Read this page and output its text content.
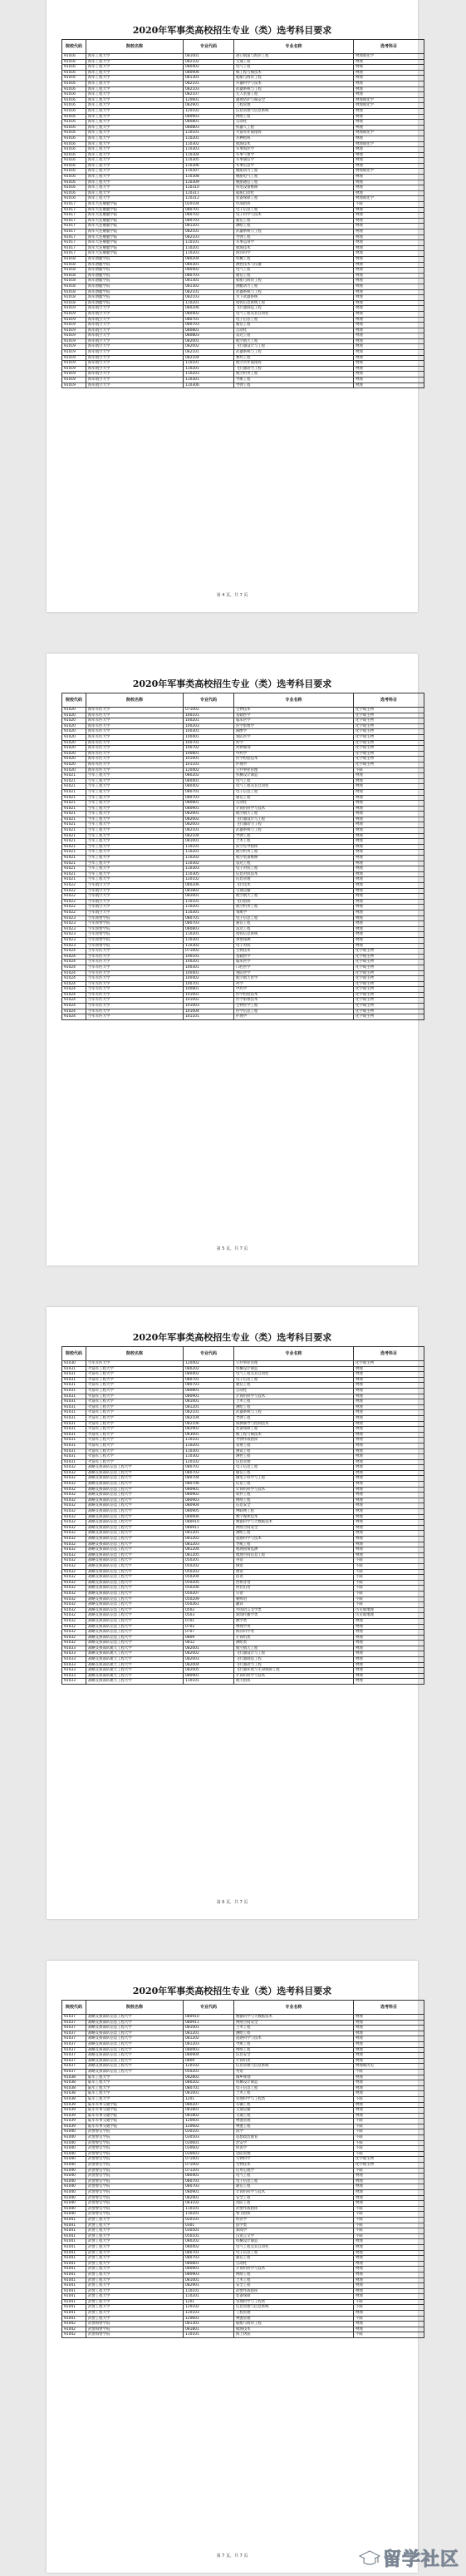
2020年军事类高校招生专业（类）选考科目要求
院校代码	院校名称	专业代码	专业名称	选考科目
91016	海军工程大学	081001	港口航道与海岸工程	物理或化学
91016	海军工程大学	082102	交通工程	物理
91016	海军工程大学	080402	电气工程	物理
91016	海军工程大学	080906	核工程与核技术	物理
91016	海军工程大学	081301	船舶与海洋工程	物理
91016	海军工程大学	082101	兵器科学与技术	物理
91016	海军工程大学	082103	武器系统与工程	物理
91016	海军工程大学	082107	无人装备工程	物理
91016	海军工程大学	120601	辐射防护与核安全	物理或化学
91016	海军工程大学	082901	工程管理	物理或化学
91016	海军工程大学	120102	信息管理与信息系统	物理
91016	海军工程大学	080903	网络工程	物理
91016	海军工程大学	080801	自动化	物理
91016	海军工程大学	080803	机器人工程	物理
91016	海军工程大学	110101	火箭军作战指挥	物理或化学
91016	海军工程大学	110201	兵种指挥	物理
91016	海军工程大学	110302	航海技术	物理或化学
91016	海军工程大学	110303	军事海洋学	物理
91016	海军工程大学	110304	军事气象学	物理
91016	海军工程大学	110305	军事通信学	物理
91016	海军工程大学	110306	军事信息学	物理
91016	海军工程大学	110307	舰船动力工程	物理或化学
91016	海军工程大学	110308	舰船电气工程	物理
91016	海军工程大学	110309	舰船通信工程	物理
91016	海军工程大学	110310	机电设备维修	物理
91016	海军工程大学	110311	船舶自动化	物理
91016	海军工程大学	110312	装备保障工程	物理或化学
91017	海军大连舰艇学院	020104	作战指挥	不限
91017	海军大连舰艇学院	080701	电子信息工程	物理
91017	海军大连舰艇学院	080702	电子科学与技术	物理
91017	海军大连舰艇学院	080703	通信工程	物理
91017	海军大连舰艇学院	081201	测绘工程	物理
91017	海军大连舰艇学院	082101	武器系统与工程	物理
91017	海军大连舰艇学院	082103	导弹工程	物理
91017	海军大连舰艇学院	110101	军事运筹学	物理
91017	海军大连舰艇学院	110201	航海技术	物理
91017	海军大连舰艇学院	110203	海洋科学	物理
91018	海军潜艇学院	080204	机械工程	物理
91018	海军潜艇学院	080301	测控技术与仪器	物理
91018	海军潜艇学院	080402	电气工程	物理
91018	海军潜艇学院	080703	通信工程	物理
91018	海军潜艇学院	081301	船舶与海洋工程	物理
91018	海军潜艇学院	081302	潜艇动力工程	物理
91018	海军潜艇学院	082101	武器系统与工程	物理
91018	海军潜艇学院	082103	水下武器系统	物理
91018	海军潜艇学院	110201	指挥信息系统工程	物理
91019	海军航空大学	080206	飞行器制造工程	物理
91019	海军航空大学	080402	电气工程及其自动化	物理
91019	海军航空大学	080701	电子信息工程	物理
91019	海军航空大学	080703	通信工程	物理
91019	海军航空大学	080801	自动化	物理
91019	海军航空大学	080803	雷达工程	物理
91019	海军航空大学	082001	航空航天工程	物理
91019	海军航空大学	082002	飞行器设计与工程	物理
91019	海军航空大学	082101	武器系统与工程	物理
91019	海军航空大学	082104	弹药工程	物理
91019	海军航空大学	110101	航空兵作战指挥	物理
91019	海军航空大学	110201	飞行器动力工程	物理
91019	海军航空大学	110203	航空机务工程	物理
91019	海军航空大学	110301	导航工程	物理
91019	海军航空大学	110306	导弹工程	物理
第 4 页，共 7 页
2020年军事类高校招生专业（类）选考科目要求
院校代码	院校名称	专业代码	专业名称	选考科目
91020	海军军医大学	071002	生物技术	化学或生物
91020	海军军医大学	100101	基础医学	化学或生物
91020	海军军医大学	100201	临床医学	化学或生物
91020	海军军医大学	100203	医学影像学	化学或生物
91020	海军军医大学	100301	麻醉学	化学或生物
91020	海军军医大学	100401	预防医学	化学或生物
91020	海军军医大学	100701	药学	化学或生物
91020	海军军医大学	100702	药物制剂	化学或生物
91020	海军军医大学	100801	中药学	化学或生物
91020	海军军医大学	101001	医学检验技术	化学或生物
91020	海军军医大学	101101	护理学	化学或生物
91020	海军军医大学	120402	公共事业管理	不限
91021	空军工程大学	080202	机械设计制造	物理
91021	空军工程大学	080401	电气工程	物理
91021	空军工程大学	080402	电气工程及其自动化	物理
91021	空军工程大学	080701	电子信息工程	物理
91021	空军工程大学	080703	通信工程	物理
91021	空军工程大学	080801	自动化	物理
91021	空军工程大学	080901	计算机科学与技术	物理
91021	空军工程大学	082001	航空航天工程	物理
91021	空军工程大学	082002	飞行器设计与工程	物理
91021	空军工程大学	082003	飞行器动力工程	物理
91021	空军工程大学	082101	武器系统与工程	物理
91021	空军工程大学	082104	导弹工程	物理
91021	空军工程大学	081001	土木工程	物理
91021	空军工程大学	110101	防空反导指挥	物理
91021	空军工程大学	110201	航空机务工程	物理
91021	空军工程大学	110202	航空装备维修	物理
91021	空军工程大学	110302	雷达工程	物理
91021	空军工程大学	110303	电子对抗工程	物理
91021	空军工程大学	110305	信息对抗技术	物理
91021	空军工程大学	120102	信息管理	物理
91022	空军航空大学	080206	飞行技术	物理
91022	空军航空大学	081802	交通运输	物理
91022	空军航空大学	082001	航空航天工程	物理
91022	空军航空大学	110101	飞行指挥	物理
91022	空军航空大学	110201	航空机务工程	物理
91022	空军航空大学	110301	领航学	物理
91023	空军预警学院	080701	电子信息工程	物理
91023	空军预警学院	080703	通信工程	物理
91023	空军预警学院	080803	雷达工程	物理
91023	空军预警学院	110201	指挥信息系统	物理
91023	空军预警学院	110301	预警探测	物理
91023	空军预警学院	110302	电子对抗	物理
91024	空军军医大学	071002	生物技术	化学或生物
91024	空军军医大学	100101	基础医学	化学或生物
91024	空军军医大学	100201	临床医学	化学或生物
91024	空军军医大学	100301	口腔医学	化学或生物
91024	空军军医大学	100401	预防医学	化学或生物
91024	空军军医大学	100402	航空航天医学	化学或生物
91024	空军军医大学	100701	药学	化学或生物
91024	空军军医大学	100801	中药学	化学或生物
91024	空军军医大学	101001	医学检验技术	化学或生物
91024	空军军医大学	101002	医学影像技术	化学或生物
91024	空军军医大学	101003	生物医学工程	化学或生物
91024	空军军医大学	101004	医学信息工程	化学或生物
91024	空军军医大学	101101	护理学	化学或生物
第 5 页，共 7 页
2020年军事类高校招生专业（类）选考科目要求
院校代码	院校名称	专业代码	专业名称	选考科目
91030	空军军医大学	120402	公共事业管理	化学或生物
91031	火箭军工程大学	080202	机械设计制造	物理
91031	火箭军工程大学	080402	电气工程及其自动化	物理
91031	火箭军工程大学	080701	电子信息工程	物理
91031	火箭军工程大学	080703	通信工程	物理
91031	火箭军工程大学	080801	自动化	物理
91031	火箭军工程大学	080901	计算机科学与技术	物理
91031	火箭军工程大学	081001	土木工程	物理
91031	火箭军工程大学	081201	测绘工程	物理
91031	火箭军工程大学	082101	武器系统与工程	物理
91031	火箭军工程大学	082104	导弹工程	物理
91031	火箭军工程大学	082106	探测制导与控制技术	物理
91031	火箭军工程大学	082902	装备保障工程	物理
91031	火箭军工程大学	083001	核工程与核技术	物理
91031	火箭军工程大学	110101	导弹作战指挥	物理
91031	火箭军工程大学	110201	发射工程	物理
91031	火箭军工程大学	110301	测试工程	物理
91031	火箭军工程大学	110302	测控工程	物理
91031	火箭军工程大学	120102	信息管理	物理
91032	战略支援部队信息工程大学	080701	电子信息工程	物理
91032	战略支援部队信息工程大学	080703	通信工程	物理
91032	战略支援部队信息工程大学	080704	微电子科学与工程	物理
91032	战略支援部队信息工程大学	080706	信息工程	物理
91032	战略支援部队信息工程大学	080901	计算机科学与技术	物理
91032	战略支援部队信息工程大学	080902	软件工程	物理
91032	战略支援部队信息工程大学	080903	网络工程	物理
91032	战略支援部队信息工程大学	080904	信息安全	物理
91032	战略支援部队信息工程大学	080905	物联网工程	物理
91032	战略支援部队信息工程大学	080906	数字媒体技术	物理
91032	战略支援部队信息工程大学	080910	数据科学与大数据技术	物理
91032	战略支援部队信息工程大学	080911	网络空间安全	物理
91032	战略支援部队信息工程大学	081201	测绘工程	物理
91032	战略支援部队信息工程大学	081202	遥感科学与技术	物理
91032	战略支援部队信息工程大学	081203	导航工程	物理
91032	战略支援部队信息工程大学	081204	地理国情监测	物理
91032	战略支援部队信息工程大学	081205	地理空间信息工程	物理
91032	战略支援部队信息工程大学	050201	英语	不限
91032	战略支援部队信息工程大学	050202	俄语	不限
91032	战略支援部队信息工程大学	050203	德语	不限
91032	战略支援部队信息工程大学	050204	法语	不限
91032	战略支援部队信息工程大学	050205	西班牙语	不限
91032	战略支援部队信息工程大学	050206	阿拉伯语	不限
91032	战略支援部队信息工程大学	050207	日语	不限
91032	战略支援部队信息工程大学	050209	朝鲜语	不限
91032	战略支援部队信息工程大学	050261	翻译	不限
91032	战略支援部队信息工程大学	0502	外国语言文学类	历史或地理
91032	战略支援部队信息工程大学	0503	新闻传播学类	历史或地理
91032	战略支援部队信息工程大学	0701	数学类	物理
91032	战略支援部队信息工程大学	0702	物理学类	物理
91032	战略支援部队信息工程大学	0707	海洋科学类	物理
91032	战略支援部队信息工程大学	0809	计算机类	物理
91032	战略支援部队信息工程大学	0812	测绘类	物理
91033	战略支援部队航天工程大学	082001	航空航天工程	物理
91033	战略支援部队航天工程大学	082002	飞行器设计与工程	物理
91033	战略支援部队航天工程大学	082003	飞行器制造工程	物理
91033	战略支援部队航天工程大学	082004	飞行器动力工程	物理
91033	战略支援部队航天工程大学	082005	飞行器环境与生命保障工程	物理
91033	战略支援部队航天工程大学	080901	计算机科学与技术	物理
91033	战略支援部队航天工程大学	110101	航天指挥	物理
第 6 页，共 7 页
2020年军事类高校招生专业（类）选考科目要求
院校代码	院校名称	专业代码	专业名称	选考科目
91037	战略支援部队信息工程大学	080910	数据科学与大数据技术	物理
91037	战略支援部队信息工程大学	080911	网络空间安全	物理
91037	战略支援部队信息工程大学	081001	土木工程	物理
91037	战略支援部队信息工程大学	081201	测绘工程	物理
91037	战略支援部队信息工程大学	081202	遥感科学与技术	物理
91037	战略支援部队信息工程大学	081203	导航工程	物理
91037	战略支援部队信息工程大学	080903	网络工程	物理
91037	战略支援部队信息工程大学	080904	信息安全	物理
91037	战略支援部队信息工程大学	0809	计算机类	物理
91037	战略支援部队信息工程大学	120102	信息管理与信息系统	物理或历史
91037	战略支援部队信息工程大学	050201	英语	不限
91038	陆军工程大学	082802	城乡规划	物理
91038	陆军工程大学	080202	机械设计制造	物理
91038	陆军工程大学	080701	电子信息工程	物理
91038	陆军工程大学	081001	土木工程	物理
91038	陆军工程大学	1201	管理科学与工程类	不限
91039	陆军军事交通学院	080207	车辆工程	物理
91039	陆军军事交通学院	081801	交通运输	物理
91039	陆军军事交通学院	081802	交通工程	物理
91039	陆军军事交通学院	120601	物流管理	不限
91039	陆军军事交通学院	120602	物流工程	不限
91040	武警警官学院	030101	法学	不限
91040	武警警官学院	030503	思想政治教育	不限
91040	武警警官学院	030601	治安学	不限
91040	武警警官学院	030602	侦查学	不限
91040	武警警官学院	030603	边防管理	不限
91040	武警警官学院	071001	生物科学	化学或生物
91040	武警警官学院	071002	生物技术	化学或生物
91040	武警警官学院	071201	应用心理学	不限
91040	武警警官学院	080401	电气工程	物理
91040	武警警官学院	080701	电子信息工程	物理
91040	武警警官学院	080703	通信工程	物理
91040	武警警官学院	080901	计算机科学与技术	物理
91040	武警警官学院	082901	安全工程	物理
91040	武警警官学院	083102	消防工程	物理
91040	武警警官学院	110101	武警作战指挥	不限
91040	武警警官学院	110201	警卫指挥	不限
91041	武警工程大学	020101	经济学	不限
91041	武警工程大学	0301	法学类	不限
91041	武警工程大学	030501	新闻学	不限
91041	武警工程大学	050101	汉语言文学	不限
91041	武警工程大学	080202	机械设计制造	物理
91041	武警工程大学	080402	电气工程及其自动化	物理
91041	武警工程大学	080701	电子信息工程	物理
91041	武警工程大学	080703	通信工程	物理
91041	武警工程大学	080801	自动化	物理
91041	武警工程大学	080901	计算机科学与技术	物理
91041	武警工程大学	080903	网络工程	物理
91041	武警工程大学	081001	土木工程	物理
91041	武警工程大学	082901	安全工程	物理
91041	武警工程大学	110101	武警作战指挥	物理
91041	武警工程大学	110201	装备保障	物理
91041	武警工程大学	1201	管理科学与工程类	不限
91041	武警工程大学	120102	信息管理与信息系统	不限
91041	武警工程大学	120103	工程管理	物理
91041	武警工程大学	120601	物流管理	不限
91042	武警海警学院	081301	船舶与海洋工程	物理
91042	武警海警学院	081801	航海技术	物理
91042	武警海警学院	110101	海上执法	不限
第 7 页，共 7 页	留学社区
